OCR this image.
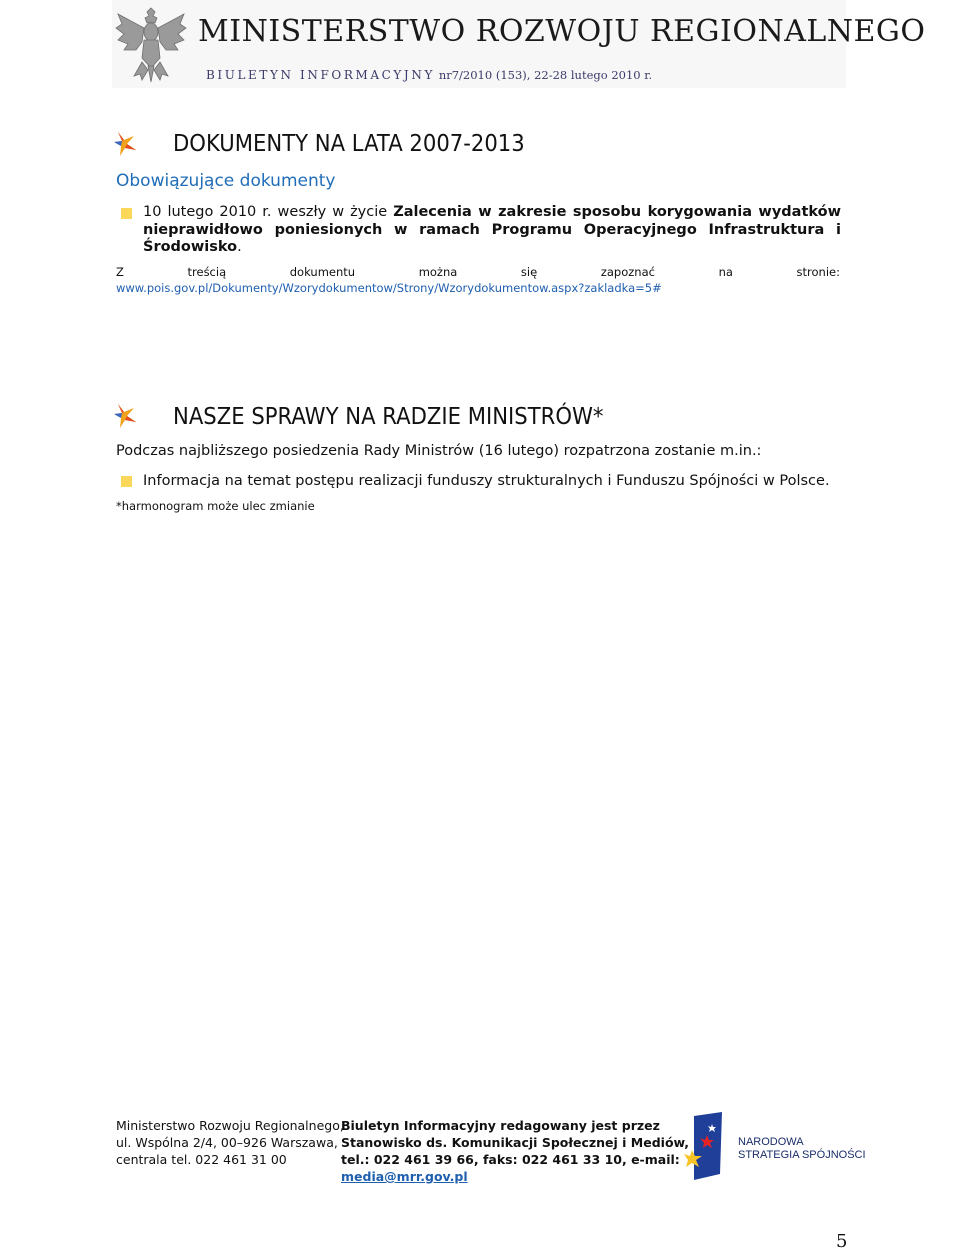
MINISTERSTWO ROZWOJU REGIONALNEGO
BIULETYN INFORMACYJNY nr7/2010 (153), 22-28 lutego 2010 r.
DOKUMENTY NA LATA 2007-2013
Obowiązujące dokumenty
10 lutego 2010 r. weszły w życie Zalecenia w zakresie sposobu korygowania wydatków nieprawidłowo poniesionych w ramach Programu Operacyjnego Infrastruktura i Środowisko.
Z treścią dokumentu można się zapoznać na stronie:
www.pois.gov.pl/Dokumenty/Wzorydokumentow/Strony/Wzorydokumentow.aspx?zakladka=5#
NASZE SPRAWY NA RADZIE MINISTRÓW*
Podczas najbliższego posiedzenia Rady Ministrów (16 lutego) rozpatrzona zostanie m.in.:
Informacja na temat postępu realizacji funduszy strukturalnych i Funduszu Spójności w Polsce.
*harmonogram może ulec zmianie
Ministerstwo Rozwoju Regionalnego,
ul. Wspólna 2/4, 00–926 Warszawa,
centrala tel. 022 461 31 00
Biuletyn Informacyjny redagowany jest przez
Stanowisko ds. Komunikacji Społecznej i Mediów,
tel.: 022 461 39 66, faks: 022 461 33 10, e-mail:
media@mrr.gov.pl
NARODOWA
STRATEGIA SPÓJNOŚCI
5
